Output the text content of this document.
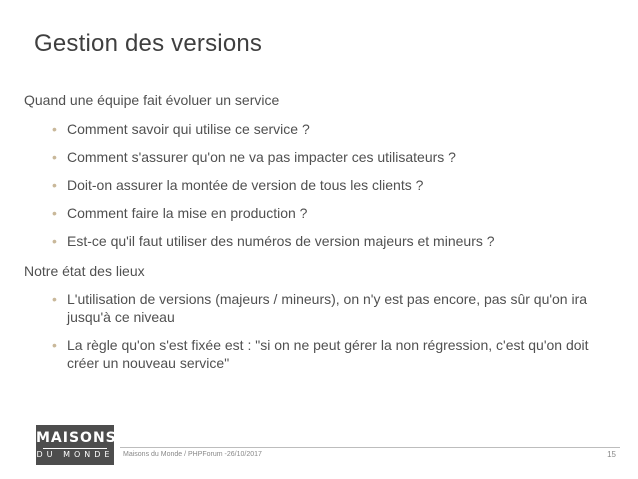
Gestion des versions
Quand une équipe fait évoluer un service
• Comment savoir qui utilise ce service ?
• Comment s'assurer qu'on ne va pas impacter ces utilisateurs ?
• Doit-on assurer la montée de version de tous les clients ?
• Comment faire la mise en production ?
• Est-ce qu'il faut utiliser des numéros de version majeurs et mineurs ?
Notre état des lieux
• L'utilisation de versions (majeurs / mineurs), on n'y est pas encore, pas sûr qu'on ira jusqu'à ce niveau
• La règle qu'on s'est fixée est : "si on ne peut gérer la non régression, c'est qu'on doit créer un nouveau service"
MAISONS
DU MONDE Maisons du Monde / PHPForum -26/10/2017	15
